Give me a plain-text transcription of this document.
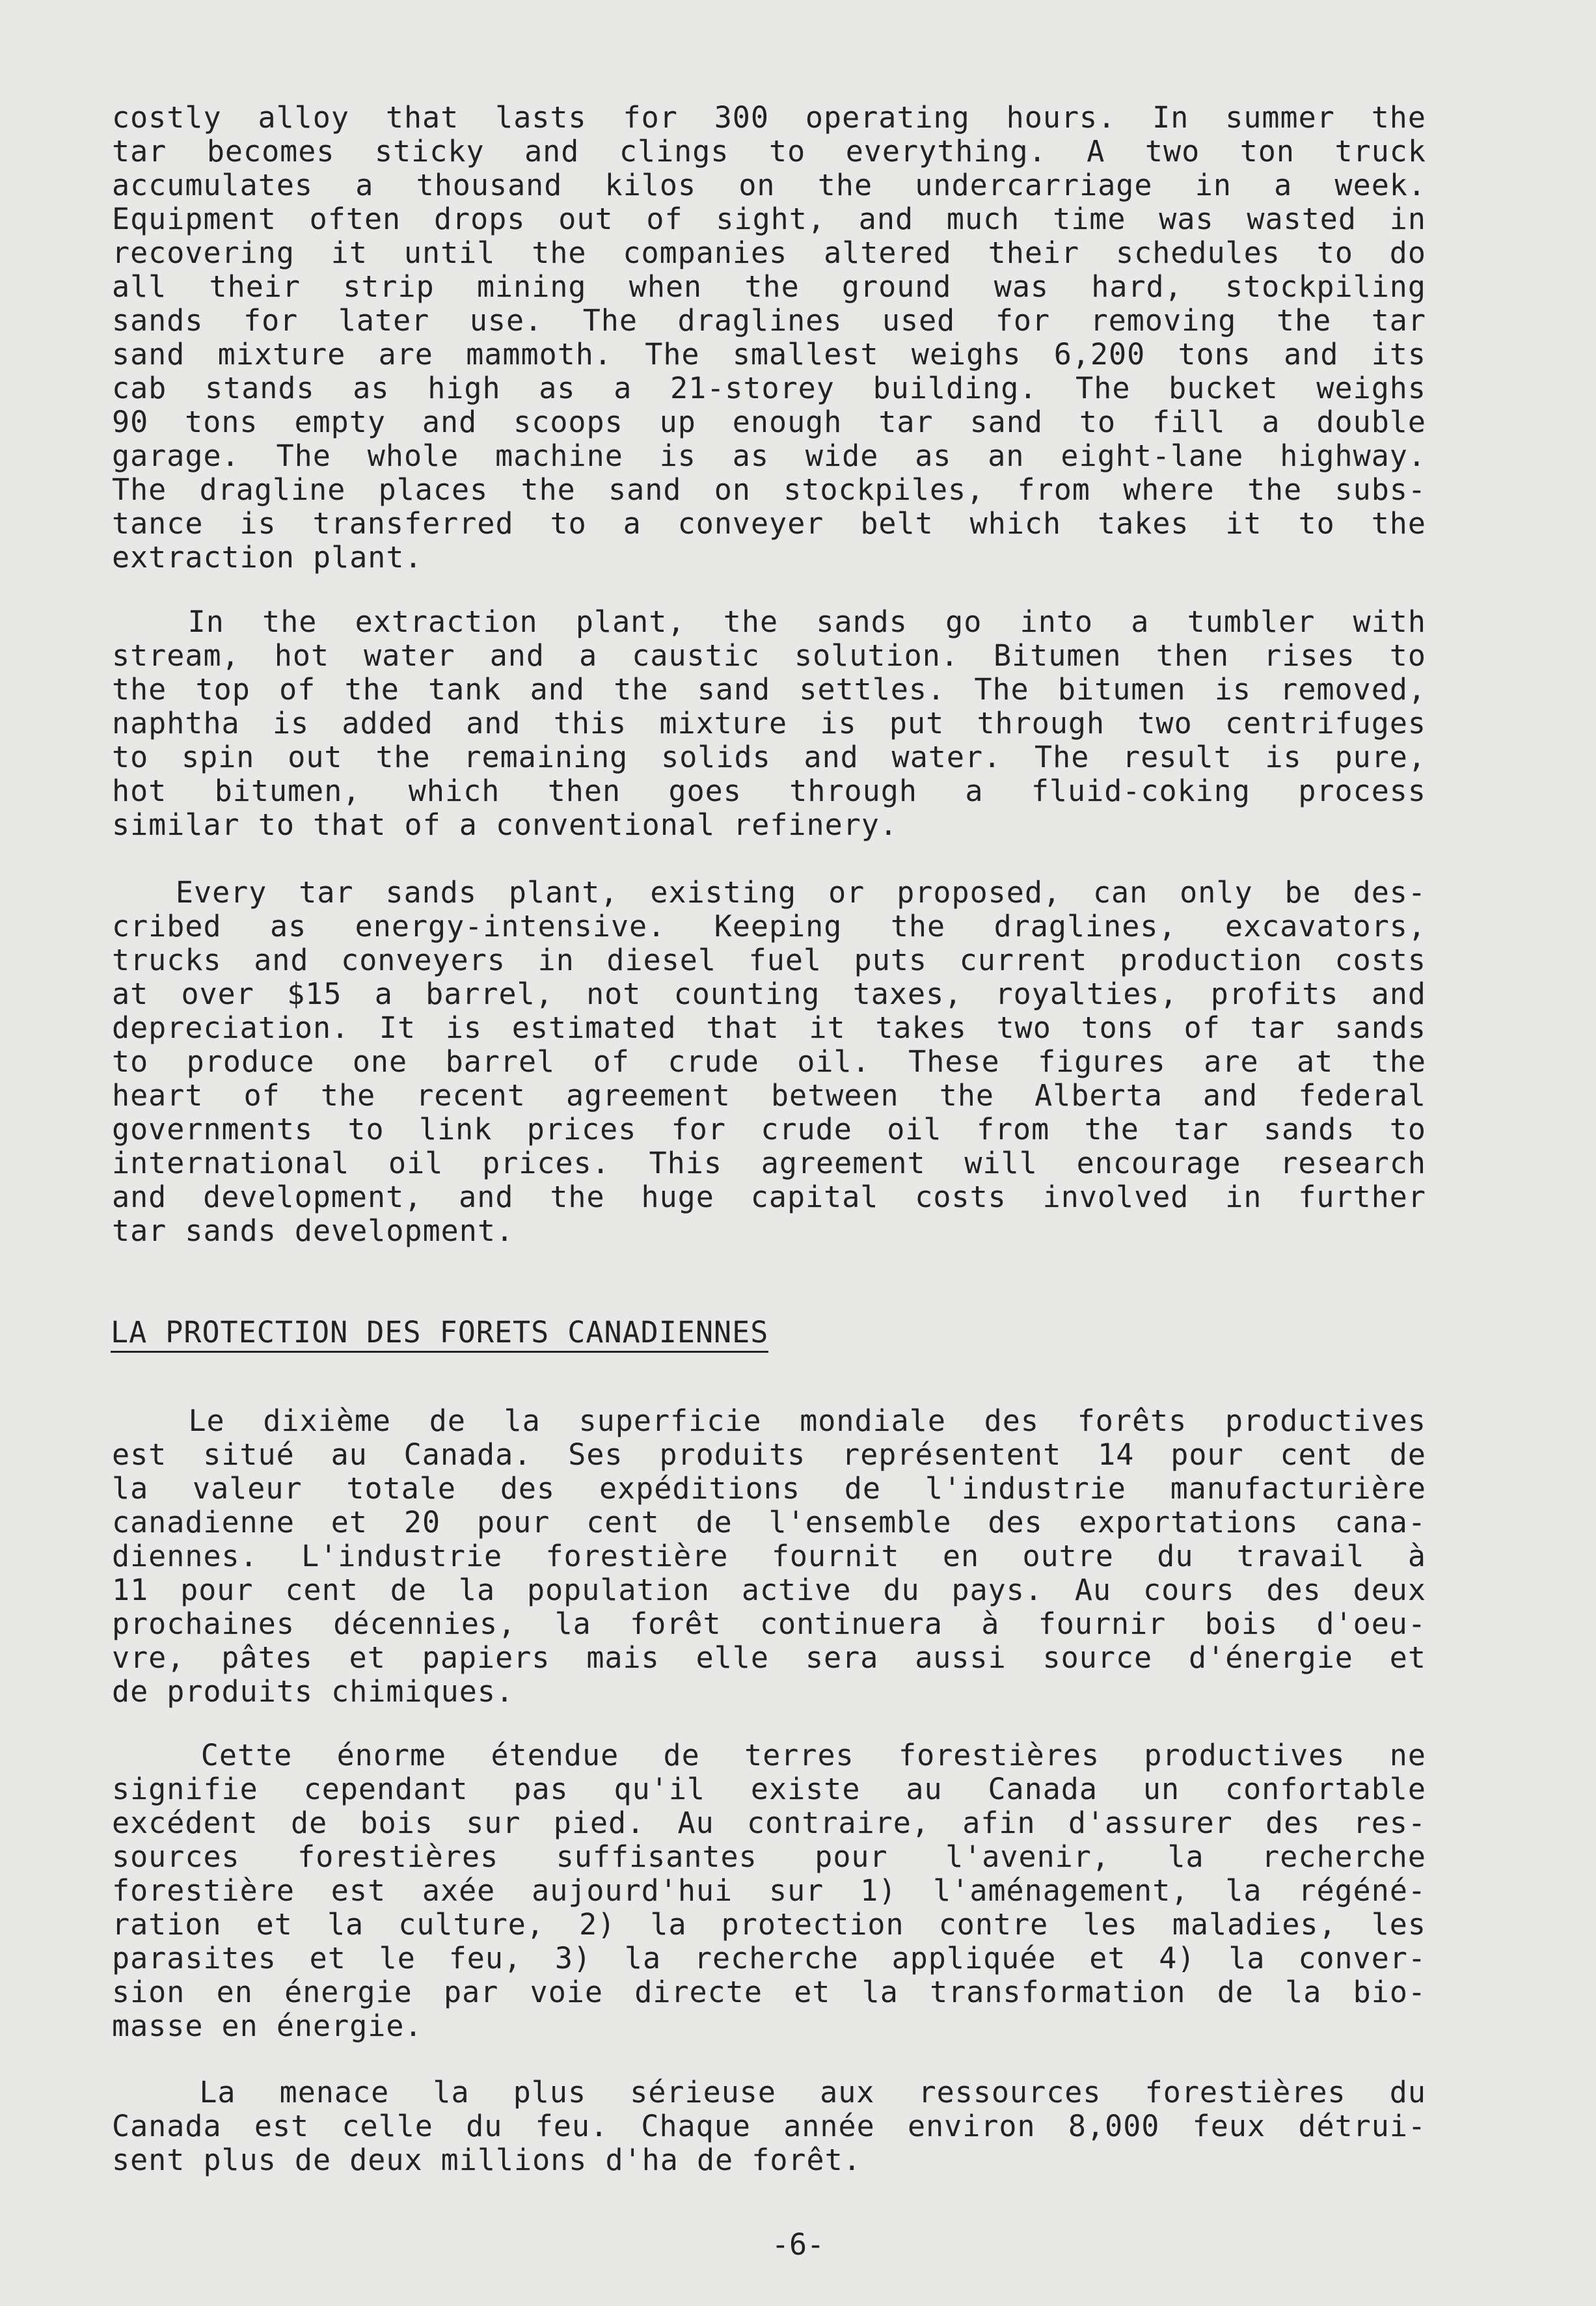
costly alloy that lasts for 300 operating hours. In summer the
tar becomes sticky and clings to everything. A two ton truck
accumulates a thousand kilos on the undercarriage in a week.
Equipment often drops out of sight, and much time was wasted in
recovering it until the companies altered their schedules to do
all their strip mining when the ground was hard, stockpiling
sands for later use. The draglines used for removing the tar
sand mixture are mammoth. The smallest weighs 6,200 tons and its
cab stands as high as a 21-storey building. The bucket weighs
90 tons empty and scoops up enough tar sand to fill a double
garage. The whole machine is as wide as an eight-lane highway.
The dragline places the sand on stockpiles, from where the subs-
tance is transferred to a conveyer belt which takes it to the
extraction plant.
In the extraction plant, the sands go into a tumbler with
stream, hot water and a caustic solution. Bitumen then rises to
the top of the tank and the sand settles. The bitumen is removed,
naphtha is added and this mixture is put through two centrifuges
to spin out the remaining solids and water. The result is pure,
hot bitumen, which then goes through a fluid-coking process
similar to that of a conventional refinery.
Every tar sands plant, existing or proposed, can only be des-
cribed as energy-intensive. Keeping the draglines, excavators,
trucks and conveyers in diesel fuel puts current production costs
at over $15 a barrel, not counting taxes, royalties, profits and
depreciation. It is estimated that it takes two tons of tar sands
to produce one barrel of crude oil. These figures are at the
heart of the recent agreement between the Alberta and federal
governments to link prices for crude oil from the tar sands to
international oil prices. This agreement will encourage research
and development, and the huge capital costs involved in further
tar sands development.
LA PROTECTION DES FORETS CANADIENNES
Le dixième de la superficie mondiale des forêts productives
est situé au Canada. Ses produits représentent 14 pour cent de
la valeur totale des expéditions de l'industrie manufacturière
canadienne et 20 pour cent de l'ensemble des exportations cana-
diennes. L'industrie forestière fournit en outre du travail à
11 pour cent de la population active du pays. Au cours des deux
prochaines décennies, la forêt continuera à fournir bois d'oeu-
vre, pâtes et papiers mais elle sera aussi source d'énergie et
de produits chimiques.
Cette énorme étendue de terres forestières productives ne
signifie cependant pas qu'il existe au Canada un confortable
excédent de bois sur pied. Au contraire, afin d'assurer des res-
sources forestières suffisantes pour l'avenir, la recherche
forestière est axée aujourd'hui sur 1) l'aménagement, la régéné-
ration et la culture, 2) la protection contre les maladies, les
parasites et le feu, 3) la recherche appliquée et 4) la conver-
sion en énergie par voie directe et la transformation de la bio-
masse en énergie.
La menace la plus sérieuse aux ressources forestières du
Canada est celle du feu. Chaque année environ 8,000 feux détrui-
sent plus de deux millions d'ha de forêt.

-6-
